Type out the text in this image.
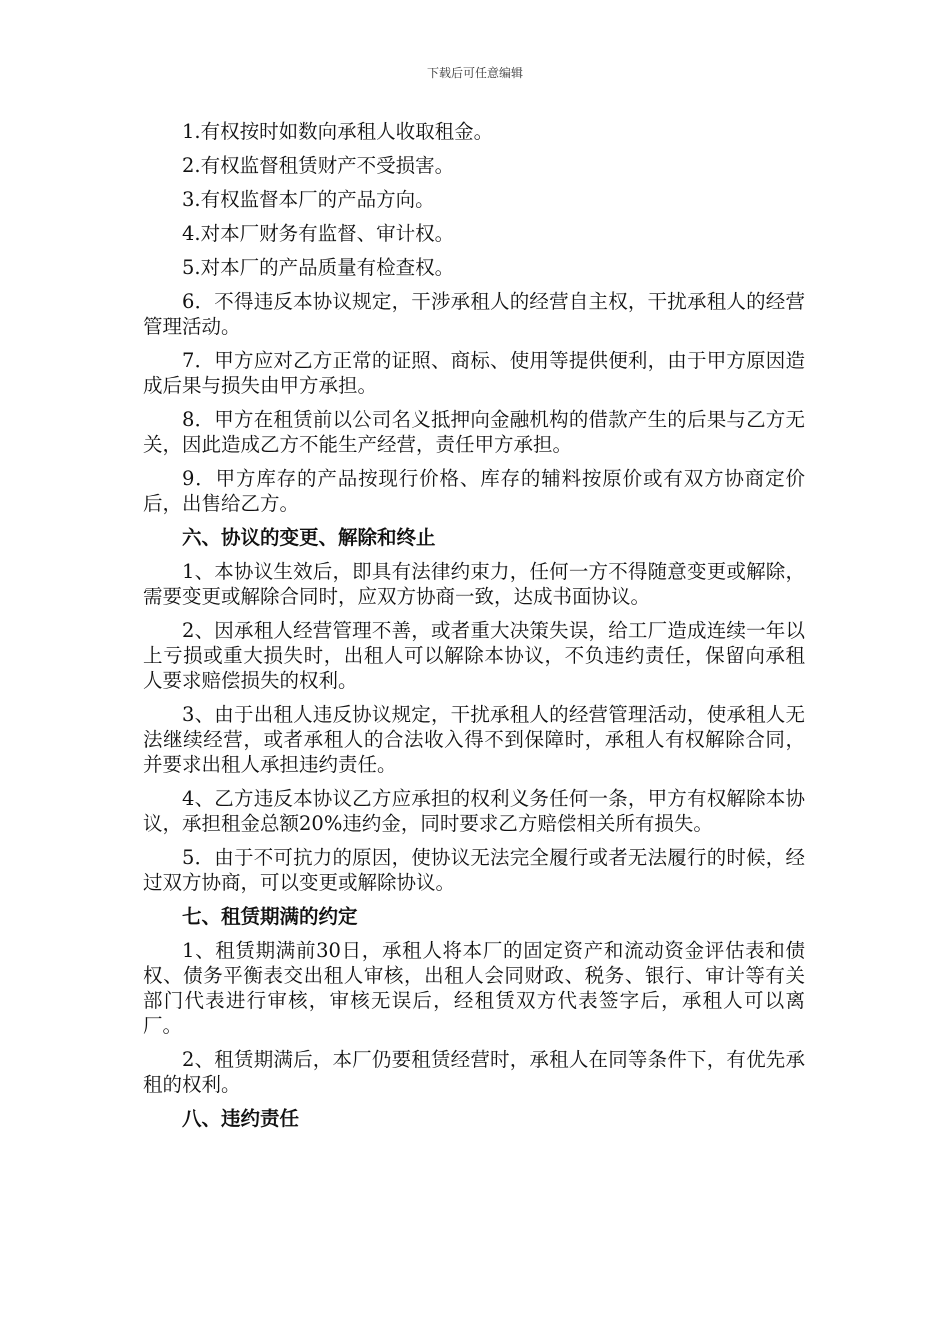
下载后可任意编辑

1.有权按时如数向承租人收取租金。

2.有权监督租赁财产不受损害。

3.有权监督本厂的产品方向。

4.对本厂财务有监督、审计权。

5.对本厂的产品质量有检查权。

6．不得违反本协议规定，干涉承租人的经营自主权，干扰承租人的经营管理活动。

7．甲方应对乙方正常的证照、商标、使用等提供便利，由于甲方原因造成后果与损失由甲方承担。

8．甲方在租赁前以公司名义抵押向金融机构的借款产生的后果与乙方无关，因此造成乙方不能生产经营，责任甲方承担。

9．甲方库存的产品按现行价格、库存的辅料按原价或有双方协商定价后，出售给乙方。

六、协议的变更、解除和终止

1、本协议生效后，即具有法律约束力，任何一方不得随意变更或解除，需要变更或解除合同时，应双方协商一致，达成书面协议。

2、因承租人经营管理不善，或者重大决策失误，给工厂造成连续一年以上亏损或重大损失时，出租人可以解除本协议，不负违约责任，保留向承租人要求赔偿损失的权利。

3、由于出租人违反协议规定，干扰承租人的经营管理活动，使承租人无法继续经营，或者承租人的合法收入得不到保障时，承租人有权解除合同，并要求出租人承担违约责任。

4、乙方违反本协议乙方应承担的权利义务任何一条，甲方有权解除本协议，承担租金总额20%违约金，同时要求乙方赔偿相关所有损失。

5．由于不可抗力的原因，使协议无法完全履行或者无法履行的时候，经过双方协商，可以变更或解除协议。

七、租赁期满的约定

1、租赁期满前30日，承租人将本厂的固定资产和流动资金评估表和债权、债务平衡表交出租人审核，出租人会同财政、税务、银行、审计等有关部门代表进行审核，审核无误后，经租赁双方代表签字后，承租人可以离厂。

2、租赁期满后，本厂仍要租赁经营时，承租人在同等条件下，有优先承租的权利。

八、违约责任
